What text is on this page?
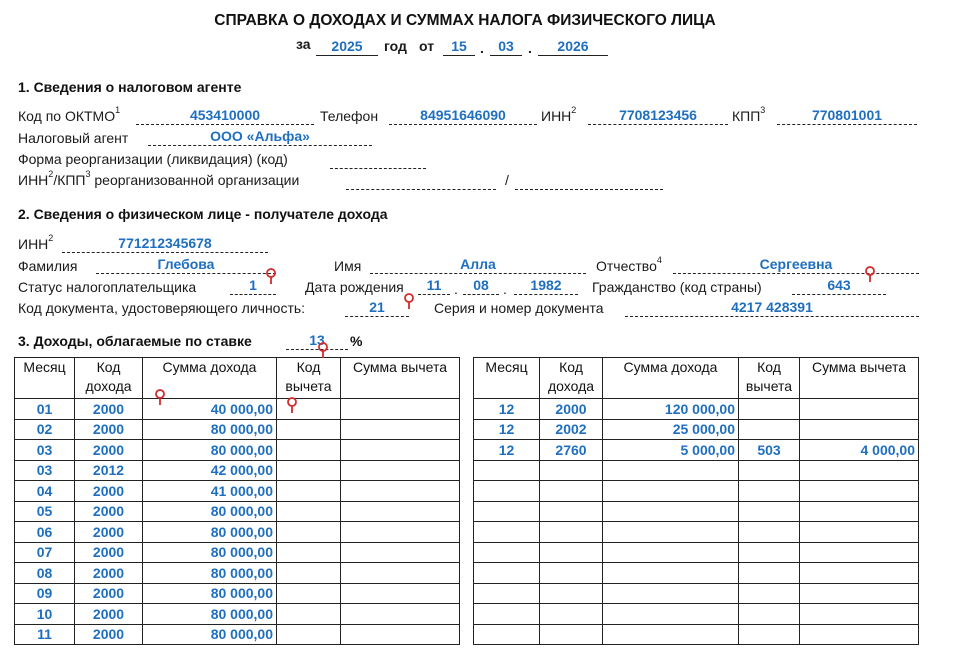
СПРАВКА О ДОХОДАХ И СУММАХ НАЛОГА ФИЗИЧЕСКОГО ЛИЦА
за	2025	год от	15 .	03	.	2026
1. Сведения о налоговом агенте
Код по ОКТМО$^1$	453410000	Телефон	84951646090	ИНН$^2$	7708123456	КПП$^3$	770801001
Налоговый агент	ООО «Альфа»
Форма реорганизации (ликвидация) (код)
ИНН$^2$/КПП$^3$ реорганизованной организации	/
2. Сведения о физическом лице - получателе дохода
ИНН$^2$	771212345678
Фамилия	Глебова	Имя	Алла	Отчество$^4$	Сергеевна
Статус налогоплательщика	1	Дата рождения	11 .	08	.	1982	Гражданство (код страны)	643
Код документа, удостоверяющего личность:	21	Серия и номер документа	4217 428391
3. Доходы, облагаемые по ставке	13	%
Месяц	Код дохода	Сумма дохода	Код вычета	Сумма вычета
01	2000	40 000,00		
02	2000	80 000,00		
03	2000	80 000,00		
03	2012	42 000,00		
04	2000	41 000,00		
05	2000	80 000,00		
06	2000	80 000,00		
07	2000	80 000,00		
08	2000	80 000,00		
09	2000	80 000,00		
10	2000	80 000,00		
11	2000	80 000,00		
Месяц	Код дохода	Сумма дохода	Код вычета	Сумма вычета
12	2000	120 000,00		
12	2002	25 000,00		
12	2760	5 000,00	503	4 000,00
